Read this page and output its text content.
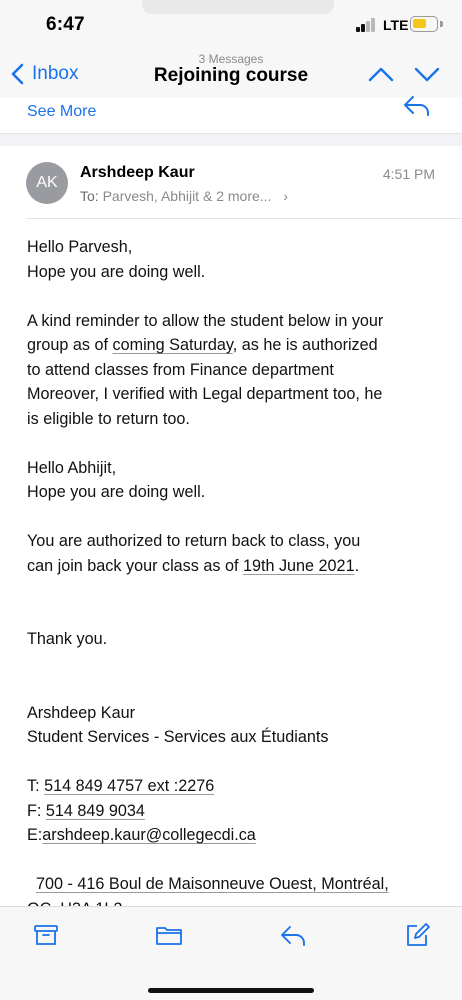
6:47	LTE
Inbox
3 Messages
Rejoining course
See More
AK
Arshdeep Kaur	4:51 PM
To: Parvesh, Abhijit & 2 more... ›

Hello Parvesh,

Hope you are doing well.

A kind reminder to allow the student below in your
group as of coming Saturday, as he is authorized
to attend classes from Finance department
Moreover, I verified with Legal department too, he
is eligible to return too.

Hello Abhijit,

Hope you are doing well.

You are authorized to return back to class, you
can join back your class as of 19th June 2021.

Thank you.

Arshdeep Kaur

Student Services - Services aux Étudiants

T: 514 849 4757 ext :2276

F: 514 849 9034

E:arshdeep.kaur@collegecdi.ca

700 - 416 Boul de Maisonneuve Ouest, Montréal,
